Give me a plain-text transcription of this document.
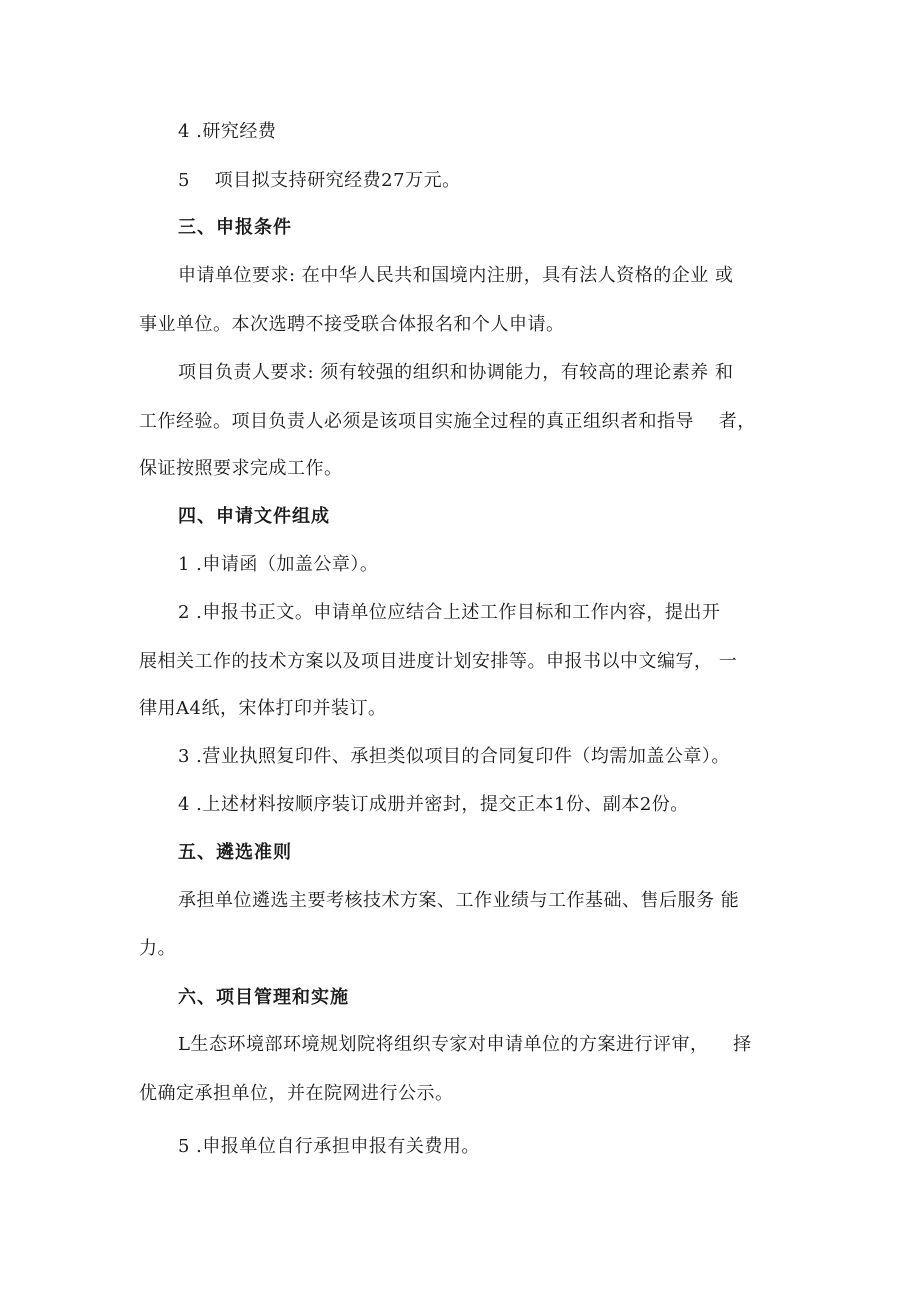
4 .研究经费
5　 项目拟支持研究经费27万元。
三、申报条件
申请单位要求: 在中华人民共和国境内注册，具有法人资格的企业 或
事业单位。本次选聘不接受联合体报名和个人申请。
项目负责人要求: 须有较强的组织和协调能力，有较高的理论素养 和
工作经验。项目负责人必须是该项目实施全过程的真正组织者和指导 　者，
保证按照要求完成工作。
四、申请文件组成
1 .申请函（加盖公章）。
2 .申报书正文。申请单位应结合上述工作目标和工作内容，提出开
展相关工作的技术方案以及项目进度计划安排等。申报书以中文编写， 一
律用A4纸，宋体打印并装订。
3 .营业执照复印件、承担类似项目的合同复印件（均需加盖公章）。
4 .上述材料按顺序装订成册并密封，提交正本1份、副本2份。
五、遴选准则
承担单位遴选主要考核技术方案、工作业绩与工作基础、售后服务 能
力。
六、项目管理和实施
L生态环境部环境规划院将组织专家对申请单位的方案进行评审， 　择
优确定承担单位，并在院网进行公示。
5 .申报单位自行承担申报有关费用。
